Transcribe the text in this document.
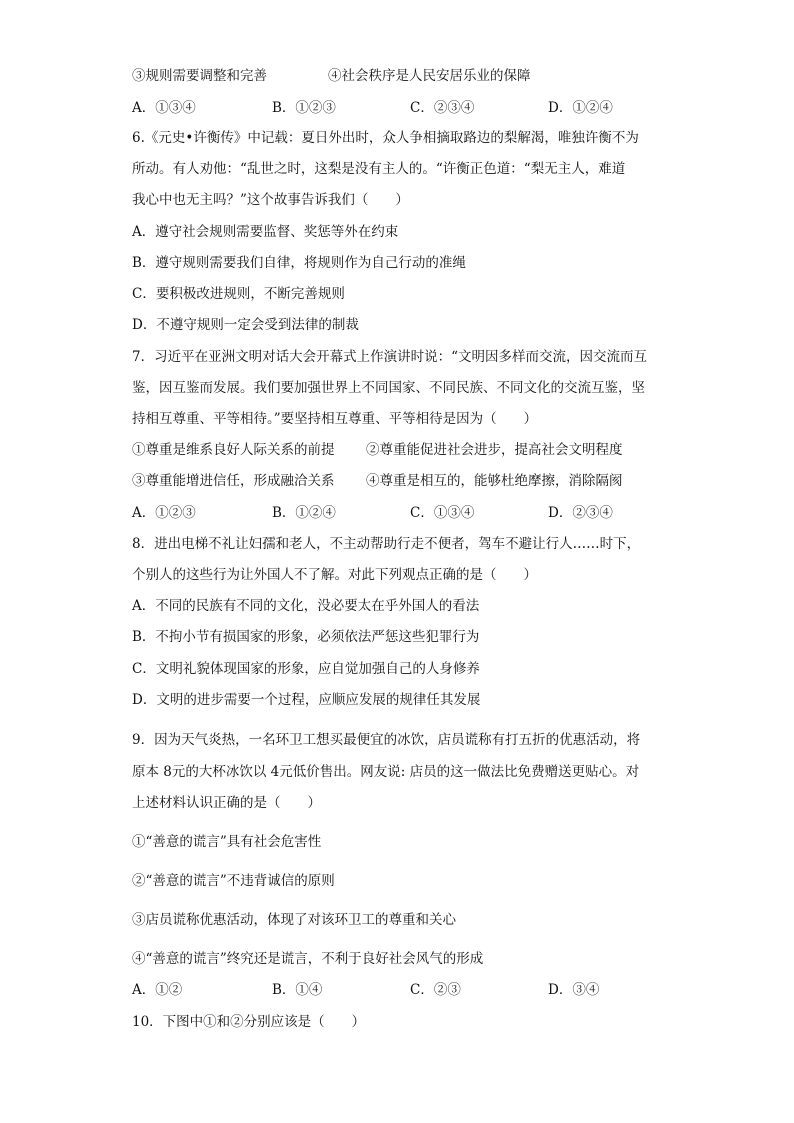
③规则需要调整和完善	④社会秩序是人民安居乐业的保障
A．①③④	B．①②③	C．②③④	D．①②④
6.《元史•许衡传》中记载：夏日外出时，众人争相摘取路边的梨解渴，唯独许衡不为
所动。有人劝他：“乱世之时，这梨是没有主人的。“许衡正色道：“梨无主人，难道
我心中也无主吗？”这个故事告诉我们（　　）
A．遵守社会规则需要监督、奖惩等外在约束
B．遵守规则需要我们自律，将规则作为自己行动的准绳
C．要积极改进规则，不断完善规则
D．不遵守规则一定会受到法律的制裁
7．习近平在亚洲文明对话大会开幕式上作演讲时说：“文明因多样而交流，因交流而互
鉴，因互鉴而发展。我们要加强世界上不同国家、不同民族、不同文化的交流互鉴，坚
持相互尊重、平等相待。”要坚持相互尊重、平等相待是因为（　　）
①尊重是维系良好人际关系的前提 ②尊重能促进社会进步，提高社会文明程度
③尊重能增进信任，形成融洽关系 ④尊重是相互的，能够杜绝摩擦，消除隔阂
A．①②③	B．①②④	C．①③④	D．②③④
8．进出电梯不礼让妇孺和老人，不主动帮助行走不便者，驾车不避让行人……时下，
个别人的这些行为让外国人不了解。对此下列观点正确的是（　　）
A．不同的民族有不同的文化，没必要太在乎外国人的看法
B．不拘小节有损国家的形象，必须依法严惩这些犯罪行为
C．文明礼貌体现国家的形象，应自觉加强自己的人身修养
D．文明的进步需要一个过程，应顺应发展的规律任其发展
9．因为天气炎热，一名环卫工想买最便宜的冰饮，店员谎称有打五折的优惠活动，将
原本 8元的大杯冰饮以 4元低价售出。网友说: 店员的这一做法比免费赠送更贴心。对
上述材料认识正确的是（　　）
①“善意的谎言”具有社会危害性
②“善意的谎言”不违背诚信的原则
③店员谎称优惠活动，体现了对该环卫工的尊重和关心
④“善意的谎言”终究还是谎言，不利于良好社会风气的形成
A．①②	B．①④	C．②③	D．③④
10．下图中①和②分别应该是（　　）
